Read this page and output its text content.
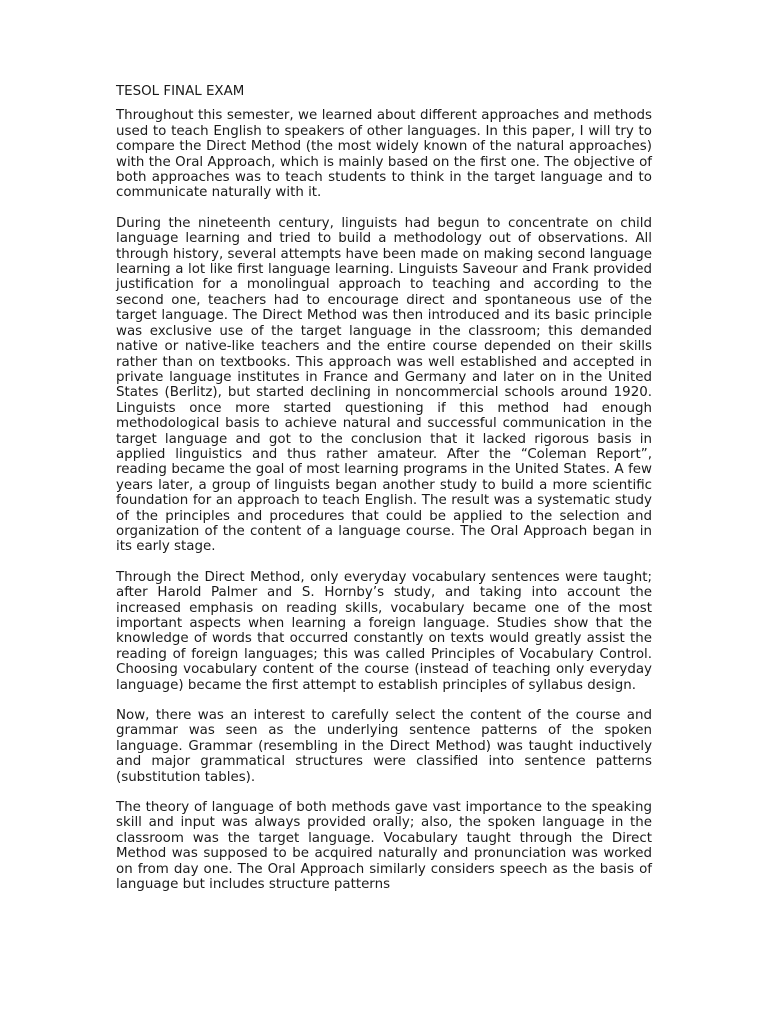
TESOL FINAL EXAM

Throughout this semester, we learned about different approaches and methods used to teach English to speakers of other languages. In this paper, I will try to compare the Direct Method (the most widely known of the natural approaches) with the Oral Approach, which is mainly based on the first one. The objective of both approaches was to teach students to think in the target language and to communicate naturally with it.

During the nineteenth century, linguists had begun to concentrate on child language learning and tried to build a methodology out of observations. All through history, several attempts have been made on making second language learning a lot like first language learning. Linguists Saveour and Frank provided justification for a monolingual approach to teaching and according to the second one, teachers had to encourage direct and spontaneous use of the target language. The Direct Method was then introduced and its basic principle was exclusive use of the target language in the classroom; this demanded native or native-like teachers and the entire course depended on their skills rather than on textbooks. This approach was well established and accepted in private language institutes in France and Germany and later on in the United States (Berlitz), but started declining in noncommercial schools around 1920. Linguists once more started questioning if this method had enough methodological basis to achieve natural and successful communication in the target language and got to the conclusion that it lacked rigorous basis in applied linguistics and thus rather amateur. After the “Coleman Report”, reading became the goal of most learning programs in the United States. A few years later, a group of linguists began another study to build a more scientific foundation for an approach to teach English. The result was a systematic study of the principles and procedures that could be applied to the selection and organization of the content of a language course. The Oral Approach began in its early stage.

Through the Direct Method, only everyday vocabulary sentences were taught; after Harold Palmer and S. Hornby’s study, and taking into account the increased emphasis on reading skills, vocabulary became one of the most important aspects when learning a foreign language. Studies show that the knowledge of words that occurred constantly on texts would greatly assist the reading of foreign languages; this was called Principles of Vocabulary Control. Choosing vocabulary content of the course (instead of teaching only everyday language) became the first attempt to establish principles of syllabus design.

Now, there was an interest to carefully select the content of the course and grammar was seen as the underlying sentence patterns of the spoken language. Grammar (resembling in the Direct Method) was taught inductively and major grammatical structures were classified into sentence patterns (substitution tables).

The theory of language of both methods gave vast importance to the speaking skill and input was always provided orally; also, the spoken language in the classroom was the target language. Vocabulary taught through the Direct Method was supposed to be acquired naturally and pronunciation was worked on from day one. The Oral Approach similarly considers speech as the basis of language but includes structure patterns
